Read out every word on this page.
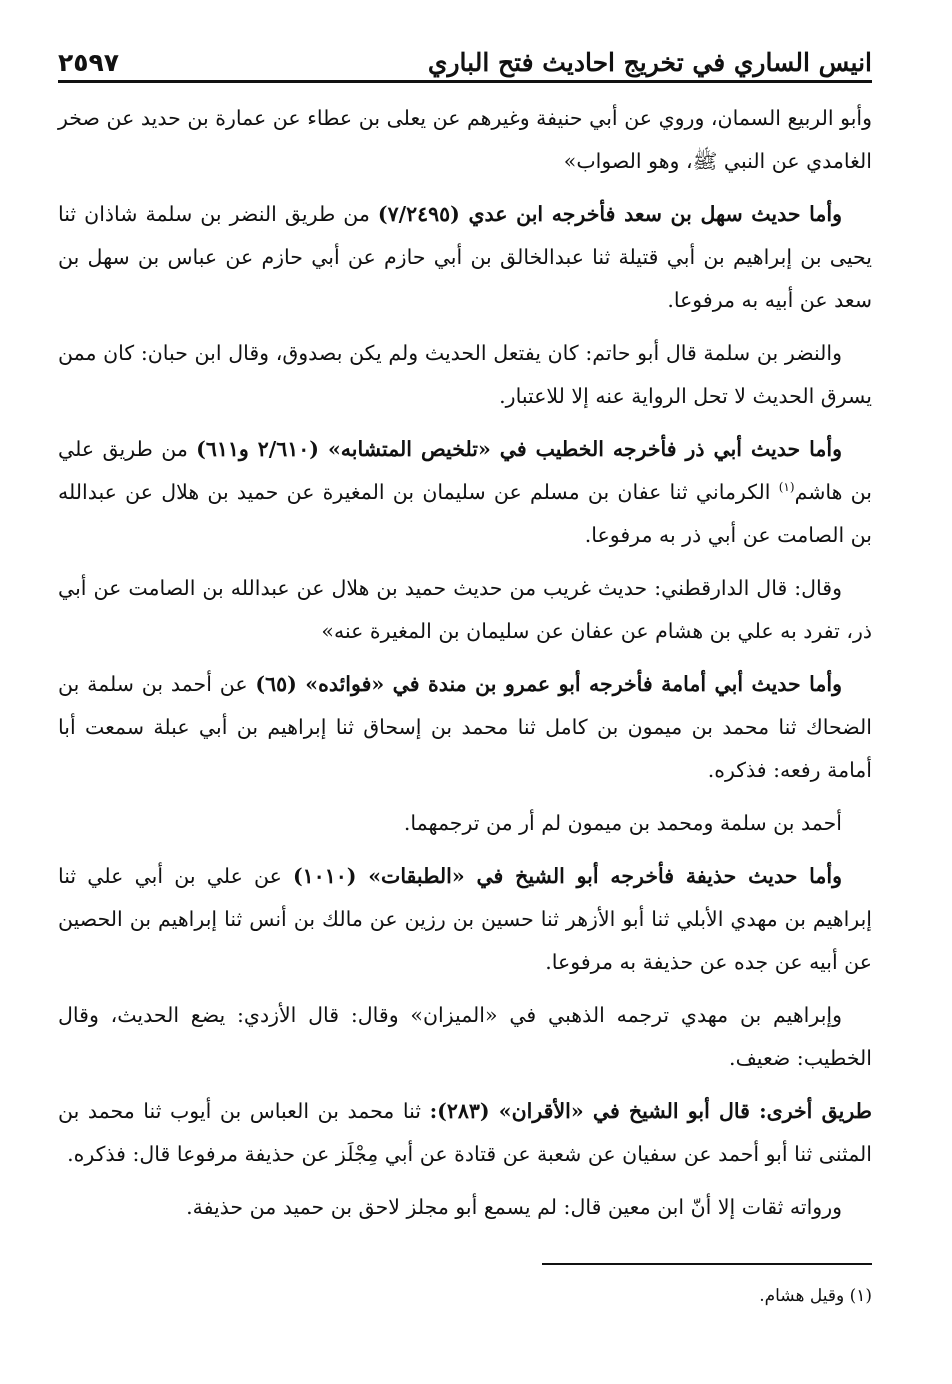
انيس الساري في تخريج احاديث فتح الباري
٢٥٩٧

وأبو الربيع السمان، وروي عن أبي حنيفة وغيرهم عن يعلى بن عطاء عن عمارة بن حديد عن صخر الغامدي عن النبي ﷺ، وهو الصواب»

وأما حديث سهل بن سعد فأخرجه ابن عدي (٧/٢٤٩٥) من طريق النضر بن سلمة شاذان ثنا يحيى بن إبراهيم بن أبي قتيلة ثنا عبدالخالق بن أبي حازم عن أبي حازم عن عباس بن سهل بن سعد عن أبيه به مرفوعا.

والنضر بن سلمة قال أبو حاتم: كان يفتعل الحديث ولم يكن بصدوق، وقال ابن حبان: كان ممن يسرق الحديث لا تحل الرواية عنه إلا للاعتبار.

وأما حديث أبي ذر فأخرجه الخطيب في «تلخيص المتشابه» (٢/٦١٠ و٦١١) من طريق علي بن هاشم$^{(١)}$ الكرماني ثنا عفان بن مسلم عن سليمان بن المغيرة عن حميد بن هلال عن عبدالله بن الصامت عن أبي ذر به مرفوعا.

وقال: قال الدارقطني: حديث غريب من حديث حميد بن هلال عن عبدالله بن الصامت عن أبي ذر، تفرد به علي بن هشام عن عفان عن سليمان بن المغيرة عنه»

وأما حديث أبي أمامة فأخرجه أبو عمرو بن مندة في «فوائده» (٦٥) عن أحمد بن سلمة بن الضحاك ثنا محمد بن ميمون بن كامل ثنا محمد بن إسحاق ثنا إبراهيم بن أبي عبلة سمعت أبا أمامة رفعه: فذكره.

أحمد بن سلمة ومحمد بن ميمون لم أر من ترجمهما.

وأما حديث حذيفة فأخرجه أبو الشيخ في «الطبقات» (١٠١٠) عن علي بن أبي علي ثنا إبراهيم بن مهدي الأبلي ثنا أبو الأزهر ثنا حسين بن رزين عن مالك بن أنس ثنا إبراهيم بن الحصين عن أبيه عن جده عن حذيفة به مرفوعا.

وإبراهيم بن مهدي ترجمه الذهبي في «الميزان» وقال: قال الأزدي: يضع الحديث، وقال الخطيب: ضعيف.

طريق أخرى: قال أبو الشيخ في «الأقران» (٢٨٣): ثنا محمد بن العباس بن أيوب ثنا محمد بن المثنى ثنا أبو أحمد عن سفيان عن شعبة عن قتادة عن أبي مِجْلَز عن حذيفة مرفوعا قال: فذكره.

ورواته ثقات إلا أنّ ابن معين قال: لم يسمع أبو مجلز لاحق بن حميد من حذيفة.

(١) وقيل هشام.
